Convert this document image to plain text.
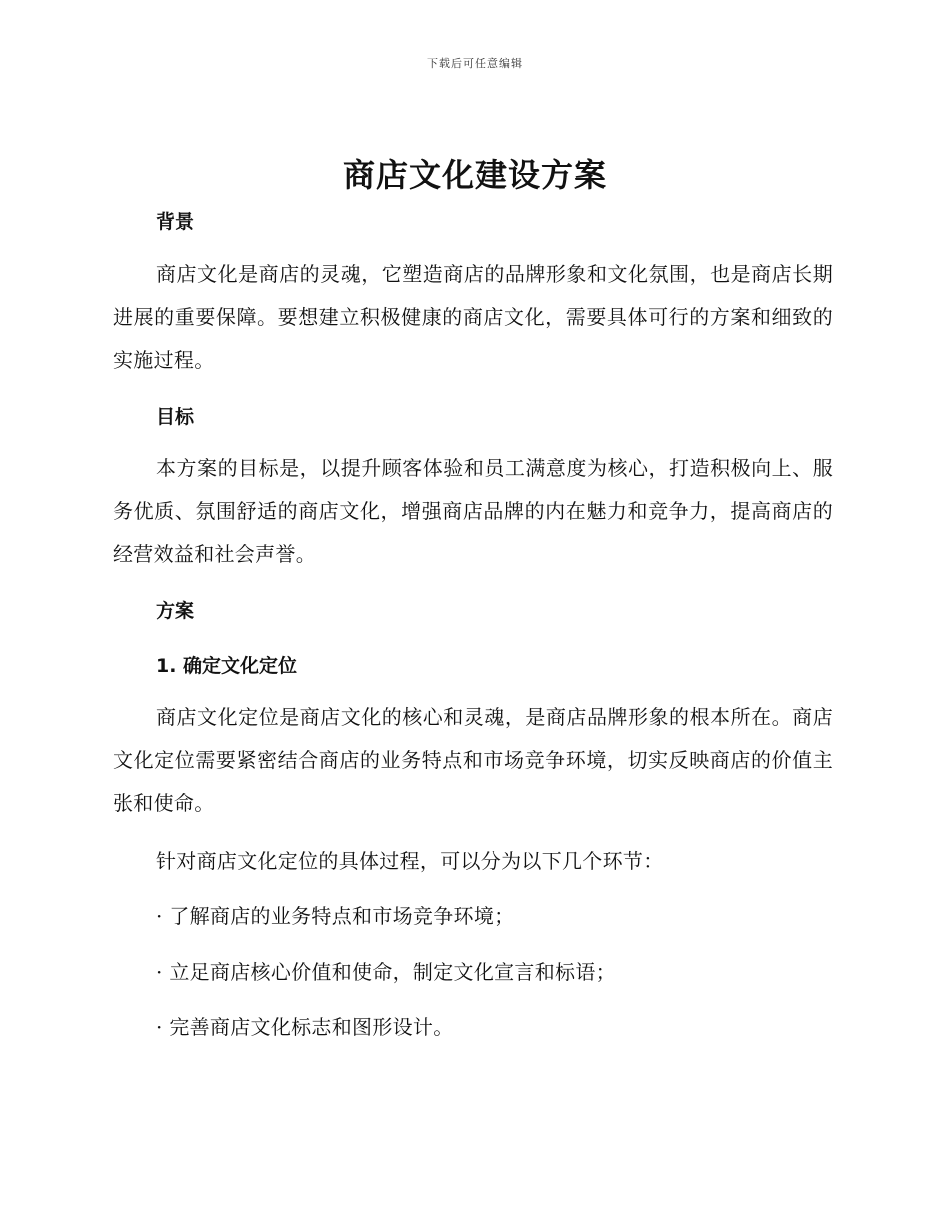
下载后可任意编辑
商店文化建设方案
背景
商店文化是商店的灵魂，它塑造商店的品牌形象和文化氛围，也是商店长期进展的重要保障。要想建立积极健康的商店文化，需要具体可行的方案和细致的实施过程。
目标
本方案的目标是，以提升顾客体验和员工满意度为核心，打造积极向上、服务优质、氛围舒适的商店文化，增强商店品牌的内在魅力和竞争力，提高商店的经营效益和社会声誉。
方案
1. 确定文化定位
商店文化定位是商店文化的核心和灵魂，是商店品牌形象的根本所在。商店文化定位需要紧密结合商店的业务特点和市场竞争环境，切实反映商店的价值主张和使命。
针对商店文化定位的具体过程，可以分为以下几个环节：
· 了解商店的业务特点和市场竞争环境；
· 立足商店核心价值和使命，制定文化宣言和标语；
· 完善商店文化标志和图形设计。
